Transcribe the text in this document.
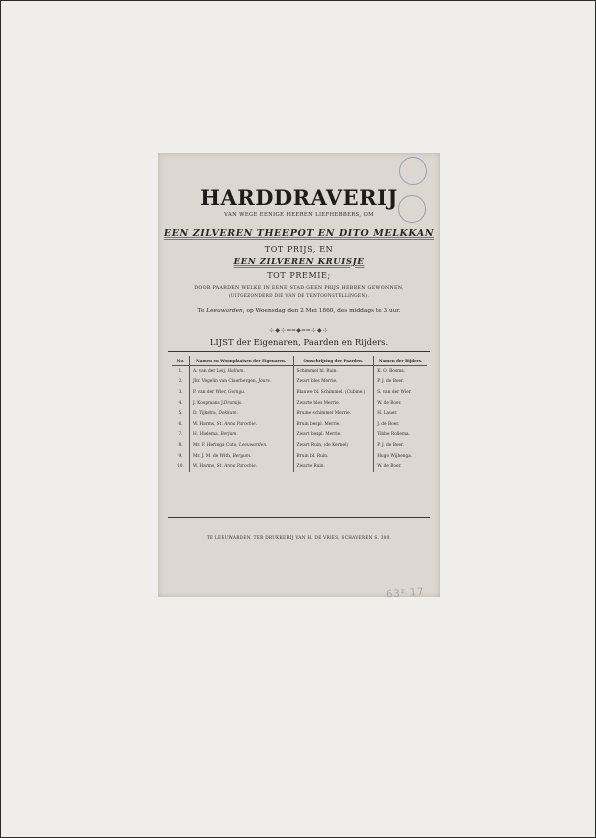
HARDDRAVERIJ
VAN WEGE EENIGE HEEREN LIEFHEBBERS, OM
EEN ZILVEREN THEEPOT EN DITO MELKKAN
TOT PRIJS, EN
EEN ZILVEREN KRUISJE
TOT PREMIE;
DOOR PAARDEN WELKE IN EENE STAD GEEN PRIJS HEBBEN GEWONNEN,
(UITGEZONDERD DIE VAN DE TENTOONSTELLINGEN).
Te Leeuwarden, op Woensdag den 2 Mei 1860, des middags te 3 uur.
⊹◆⊹══◆══⊹◆⊹
LIJST der Eigenaren, Paarden en Rijders.
No.	Namen en Woonplaatsen der Eigenaren.	Omschrijving der Paarden.	Namen der Rijders.
1.	A. van der Leij, Hallum.	Schimmel hl. Ruin.	K. O. Bosma.
2.	Jhr. Vegelin van Claerbergen, Joure.	Zwart bles Merrie.	P. J. de Boer.
3.	P. van der Wier, Goingu.	Blauwe bl. Schimmel. (Cubine.)	S. van der Wier.
4.	J. Koopmans J.Drumijs.	Zwarte bles Merrie.	W. de Boer.
5.	D. Tijkstra, Dokkum.	Bruine schimmel Merrie.	H. Lauer.
6.	W. Harms, St. Anna Parochie.	Bruin bespl. Merrie.	J. de Boer.
7.	H. Hielema, Berjum.	Zwart bespl. Merrie.	Tibbe Rollema.
8.	Mr. F. Heringa Cuto, Leeuwarden.	Zwart Ruin, (de Kernel)	P. J. de Boer.
9.	Mr. J. M. de With, Bergum.	Bruin bl. Ruin.	Hugo Wijbenga.
10.	W. Harms, St. Anna Parochie.	Zwarte Ruin.	W. de Boer.
TE LEEUWARDEN, TER DRUKKERIJ VAN H. DE VRIES, SCHAVEREN S. 300.
63² 17
